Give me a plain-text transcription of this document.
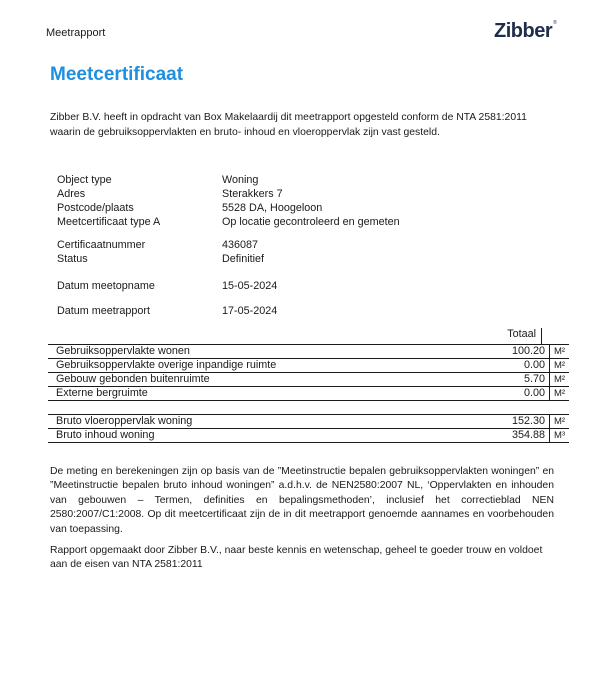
Meetrapport	Zibber®
Meetcertificaat
Zibber B.V. heeft in opdracht van Box Makelaardij dit meetrapport opgesteld conform de NTA 2581:2011 waarin de gebruiksoppervlakten en bruto- inhoud en vloeroppervlak zijn vast gesteld.
Object type	Woning
Adres	Sterakkers 7
Postcode/plaats	5528 DA, Hoogeloon
Meetcertificaat type A	Op locatie gecontroleerd en gemeten
Certificaatnummer	436087
Status	Definitief
Datum meetopname	15-05-2024
Datum meetrapport	17-05-2024
Totaal
Gebruiksoppervlakte wonen	100.20	M²
Gebruiksoppervlakte overige inpandige ruimte	0.00	M²
Gebouw gebonden buitenruimte	5.70	M²
Externe bergruimte	0.00	M²
Bruto vloeroppervlak woning	152.30	M²
Bruto inhoud woning	354.88	M³
De meting en berekeningen zijn op basis van de ”Meetinstructie bepalen gebruiksoppervlakten woningen” en ”Meetinstructie bepalen bruto inhoud woningen” a.d.h.v. de NEN2580:2007 NL, ‘Oppervlakten en inhouden van gebouwen – Termen, definities en bepalingsmethoden’, inclusief het correctieblad NEN 2580:2007/C1:2008. Op dit meetcertificaat zijn de in dit meetrapport genoemde aannames en voorbehouden van toepassing.
Rapport opgemaakt door Zibber B.V., naar beste kennis en wetenschap, geheel te goeder trouw en voldoet aan de eisen van NTA 2581:2011
